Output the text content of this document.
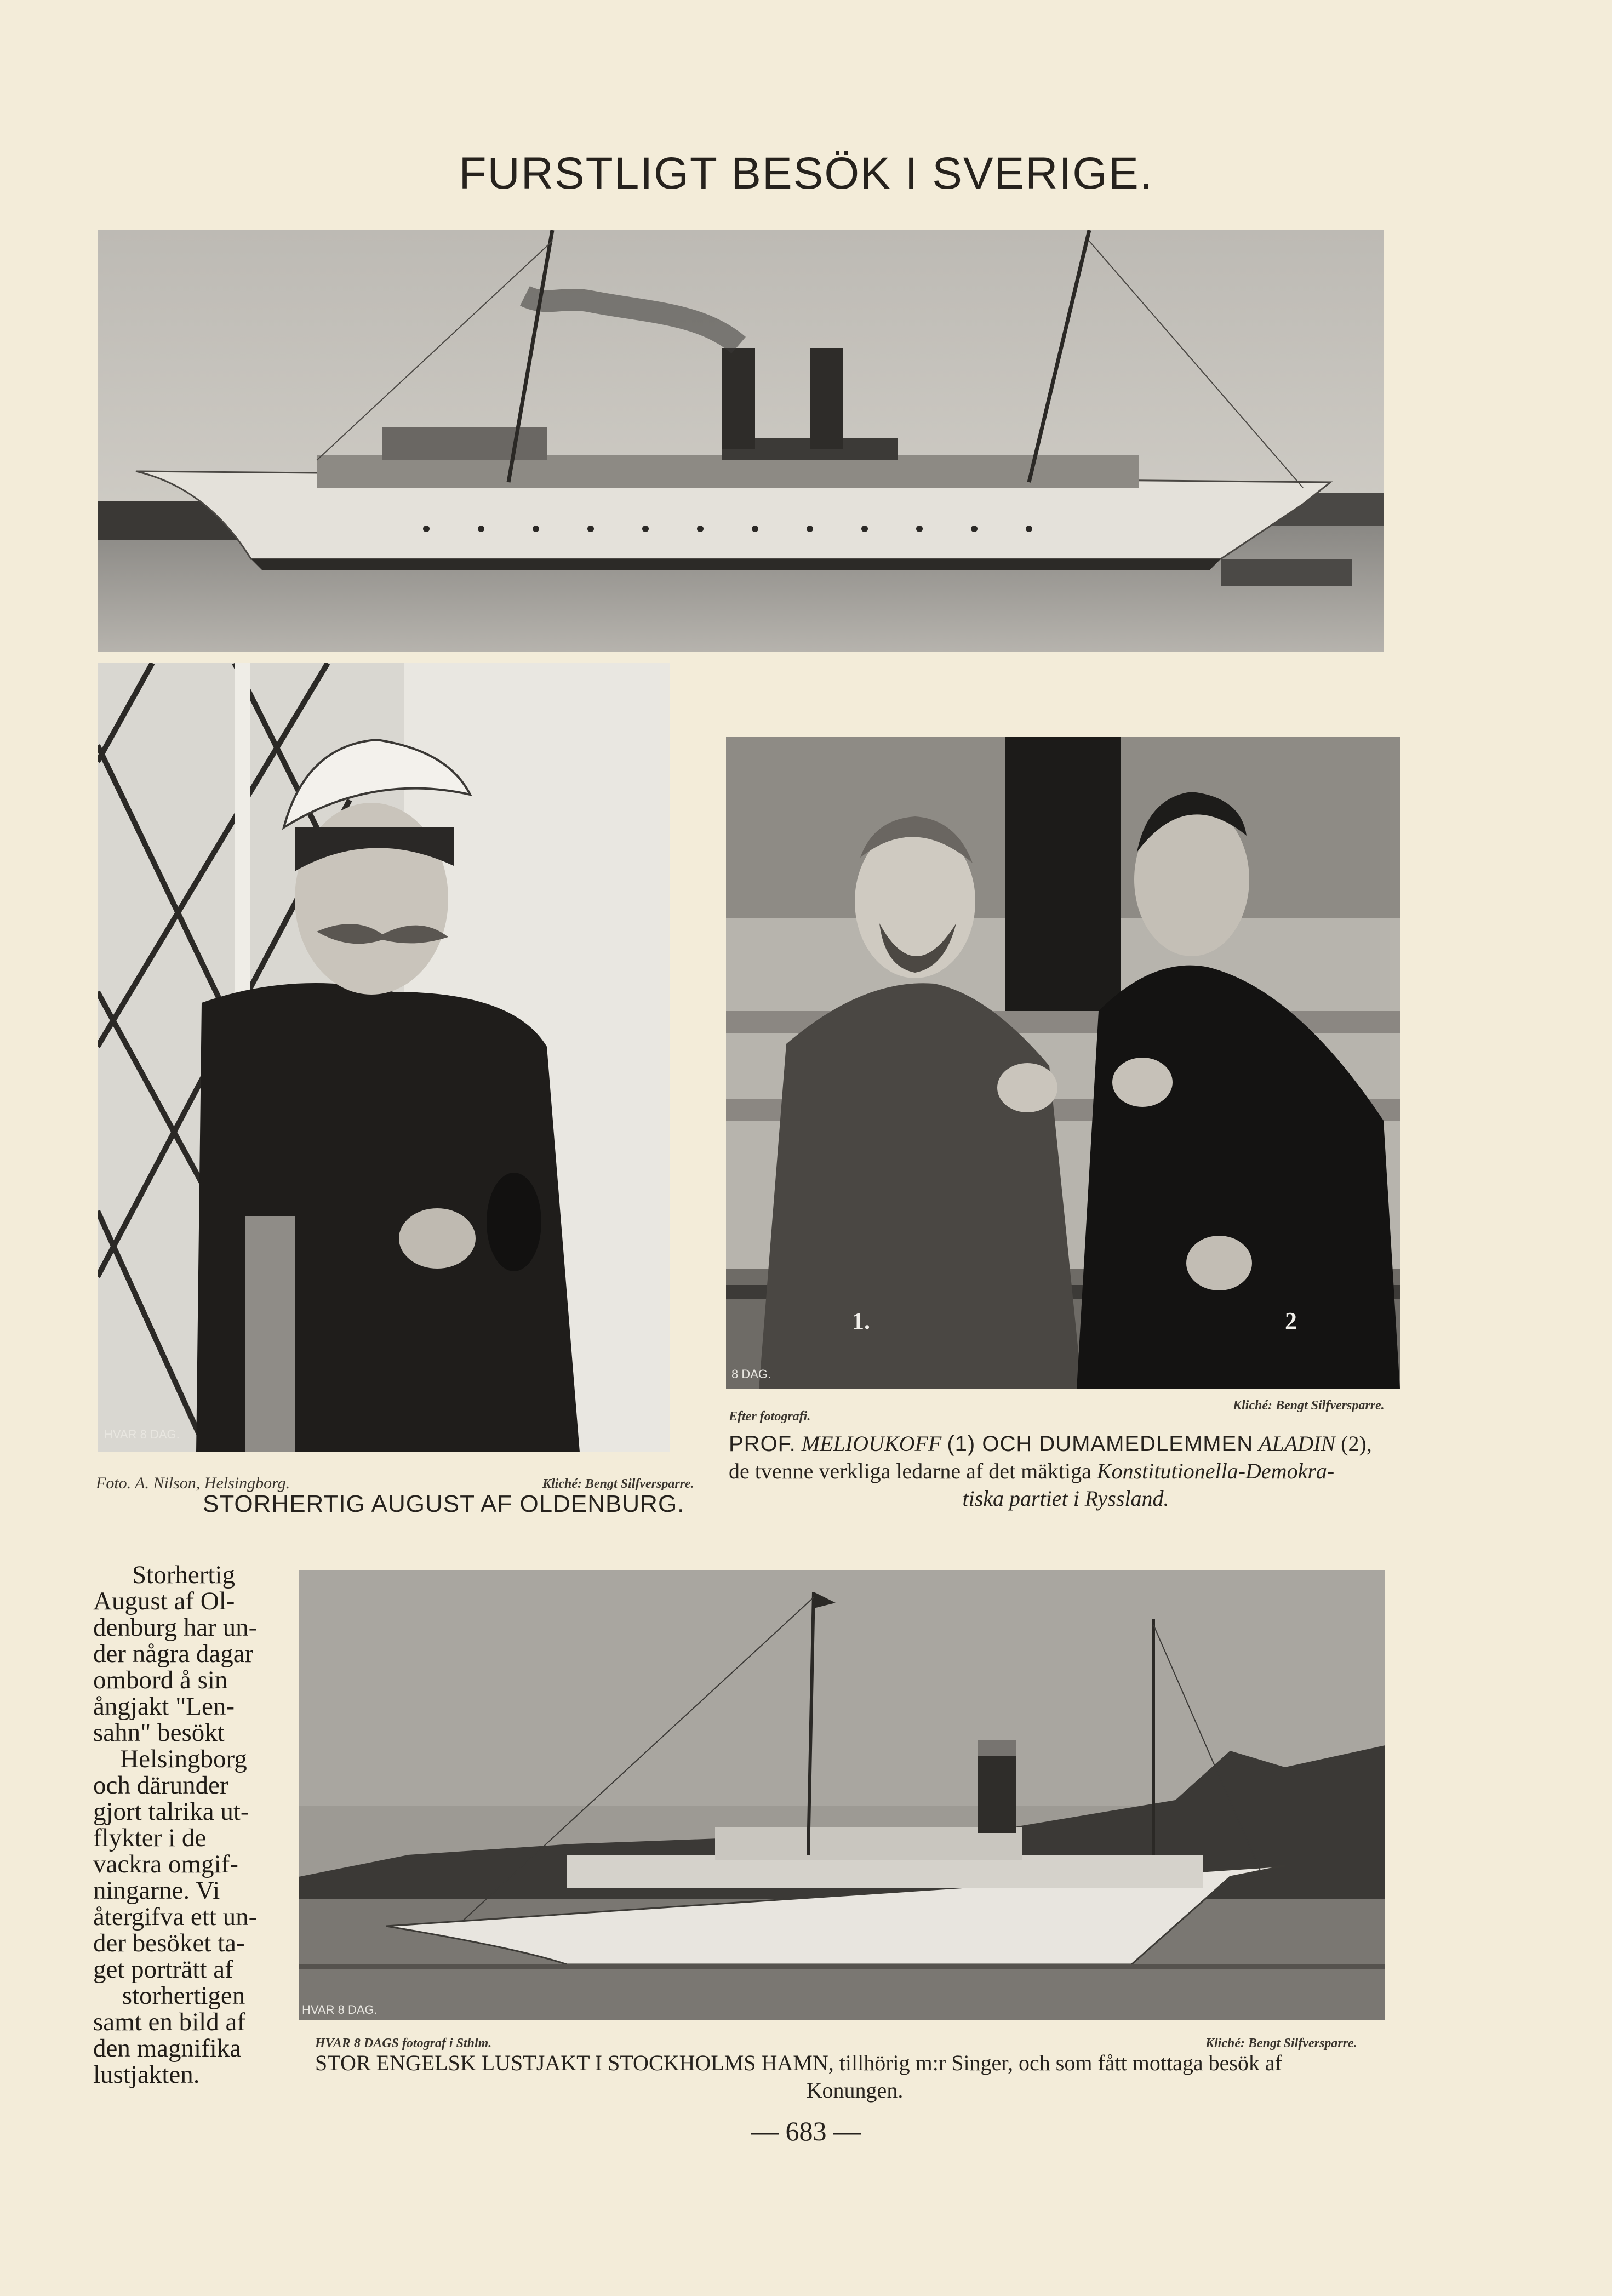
FURSTLIGT BESÖK I SVERIGE.
HVAR 8 DAG.
1.	2
8 DAG.
Foto. A. Nilson, Helsingborg.	Kliché: Bengt Silfversparre.
STORHERTIG AUGUST AF OLDENBURG.
Efter fotografi.
Kliché: Bengt Silfversparre.
PROF. MELIOUKOFF (1) OCH DUMAMEDLEMMEN ALADIN (2),
de tvenne verkliga ledarne af det mäktiga Konstitutionella-Demokra-
tiska partiet i Ryssland.
Storhertig
August af Ol-
denburg har un-
der några dagar
ombord å sin
ångjakt "Len-
sahn" besökt
Helsingborg
och därunder
gjort talrika ut-
flykter i de
vackra omgif-
ningarne. Vi
återgifva ett un-
der besöket ta-
get porträtt af
storhertigen
samt en bild af
den magnifika
lustjakten.
HVAR 8 DAG.
HVAR 8 DAGS fotograf i Sthlm.	Kliché: Bengt Silfversparre.
STOR ENGELSK LUSTJAKT I STOCKHOLMS HAMN, tillhörig m:r Singer, och som fått mottaga besök af
Konungen.
— 683 —
